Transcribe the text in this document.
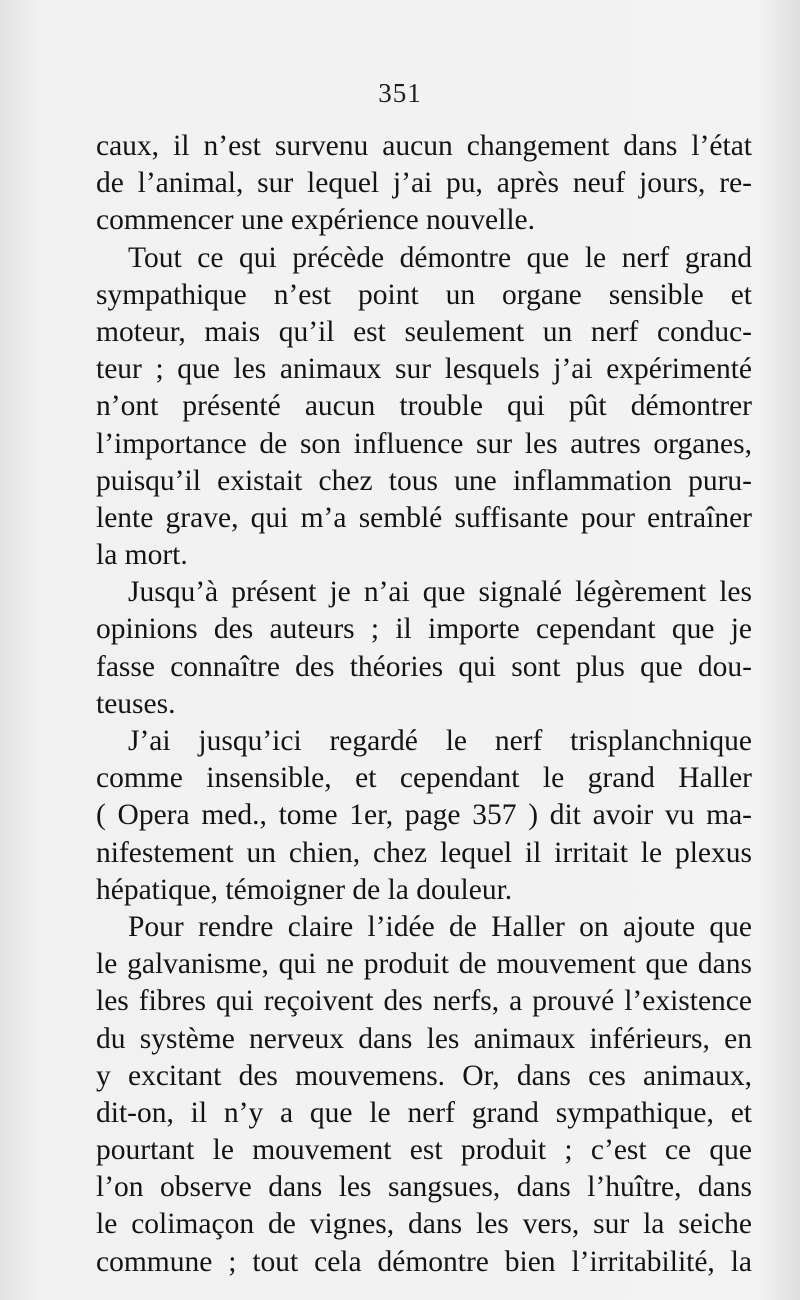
351

caux, il n’est survenu aucun changement dans l’état
de l’animal, sur lequel j’ai pu, après neuf jours, re-
commencer une expérience nouvelle.

Tout ce qui précède démontre que le nerf grand
sympathique n’est point un organe sensible et
moteur, mais qu’il est seulement un nerf conduc-
teur ; que les animaux sur lesquels j’ai expérimenté
n’ont présenté aucun trouble qui pût démontrer
l’importance de son influence sur les autres organes,
puisqu’il existait chez tous une inflammation puru-
lente grave, qui m’a semblé suffisante pour entraîner
la mort.

Jusqu’à présent je n’ai que signalé légèrement les
opinions des auteurs ; il importe cependant que je
fasse connaître des théories qui sont plus que dou-
teuses.

J’ai jusqu’ici regardé le nerf trisplanchnique
comme insensible, et cependant le grand Haller
( Opera med., tome 1er, page 357 ) dit avoir vu ma-
nifestement un chien, chez lequel il irritait le plexus
hépatique, témoigner de la douleur.

Pour rendre claire l’idée de Haller on ajoute que
le galvanisme, qui ne produit de mouvement que dans
les fibres qui reçoivent des nerfs, a prouvé l’existence
du système nerveux dans les animaux inférieurs, en
y excitant des mouvemens. Or, dans ces animaux,
dit-on, il n’y a que le nerf grand sympathique, et
pourtant le mouvement est produit ; c’est ce que
l’on observe dans les sangsues, dans l’huître, dans
le colimaçon de vignes, dans les vers, sur la seiche
commune ; tout cela démontre bien l’irritabilité, la
